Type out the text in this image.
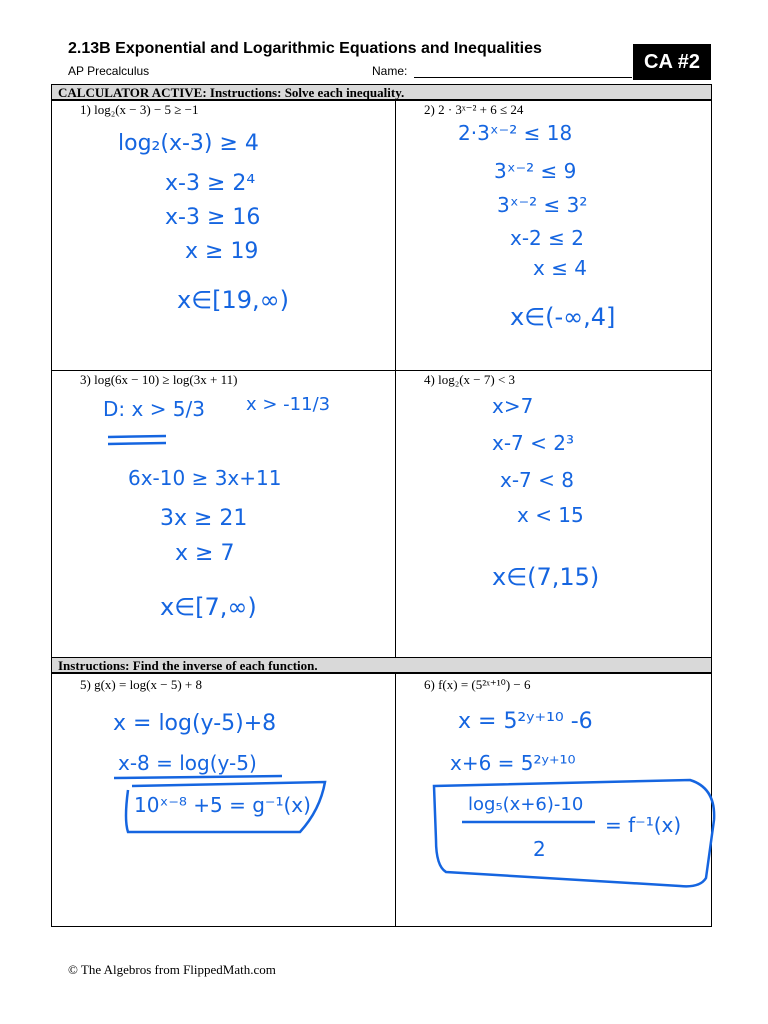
2.13B Exponential and Logarithmic Equations and Inequalities
AP Precalculus	Name:	CA #2
CALCULATOR ACTIVE: Instructions: Solve each inequality.
Instructions: Find the inverse of each function.
1) log₂(x − 3) − 5 ≥ −1	2) 2 · 3ˣ⁻² + 6 ≤ 24
3) log(6x − 10) ≥ log(3x + 11)	4) log₂(x − 7) < 3
5) g(x) = log(x − 5) + 8	6) f(x) = (5²ˣ⁺¹⁰) − 6
log₂(x-3) ≥ 4
x-3 ≥ 2⁴
x-3 ≥ 16
x ≥ 19
x∈[19,∞)
2·3ˣ⁻² ≤ 18
3ˣ⁻² ≤ 9
3ˣ⁻² ≤ 3²
x-2 ≤ 2
x ≤ 4
x∈(-∞,4]
D: x > 5/3 x > -11/3
6x-10 ≥ 3x+11
3x ≥ 21
x ≥ 7
x∈[7,∞)
x>7
x-7 < 2³
x-7 < 8
x < 15
x∈(7,15)
x = log(y-5)+8
x-8 = log(y-5)
10ˣ⁻⁸ +5 = g⁻¹(x)
x = 5²ʸ⁺¹⁰ -6
x+6 = 5²ʸ⁺¹⁰
log₅(x+6)-10
2
= f⁻¹(x)
© The Algebros from FlippedMath.com
